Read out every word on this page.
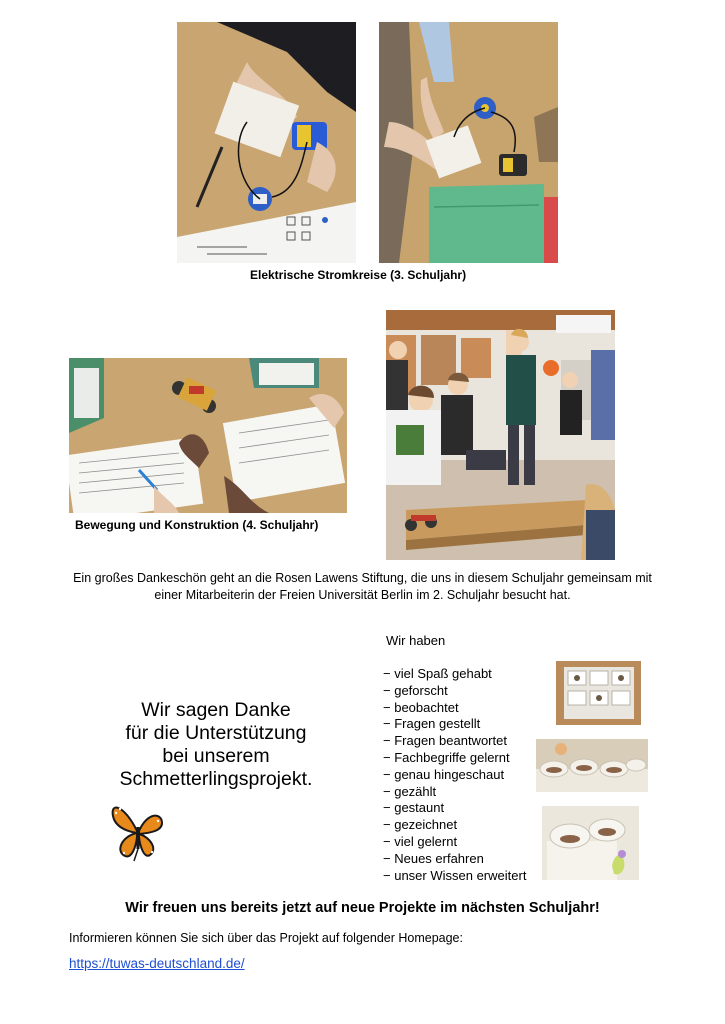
Elektrische Stromkreise (3. Schuljahr)
Bewegung und Konstruktion (4. Schuljahr)
Ein großes Dankeschön geht an die Rosen Lawens Stiftung, die uns in diesem Schuljahr gemeinsam mit einer Mitarbeiterin der Freien Universität Berlin im 2. Schuljahr besucht hat.
Wir sagen Danke
für die Unterstützung
bei unserem
Schmetterlingsprojekt.
Wir haben
− viel Spaß gehabt
− geforscht
− beobachtet
− Fragen gestellt
− Fragen beantwortet
− Fachbegriffe gelernt
− genau hingeschaut
− gezählt
− gestaunt
− gezeichnet
− viel gelernt
− Neues erfahren
− unser Wissen erweitert
Wir freuen uns bereits jetzt auf neue Projekte im nächsten Schuljahr!
Informieren können Sie sich über das Projekt auf folgender Homepage:
https://tuwas-deutschland.de/
